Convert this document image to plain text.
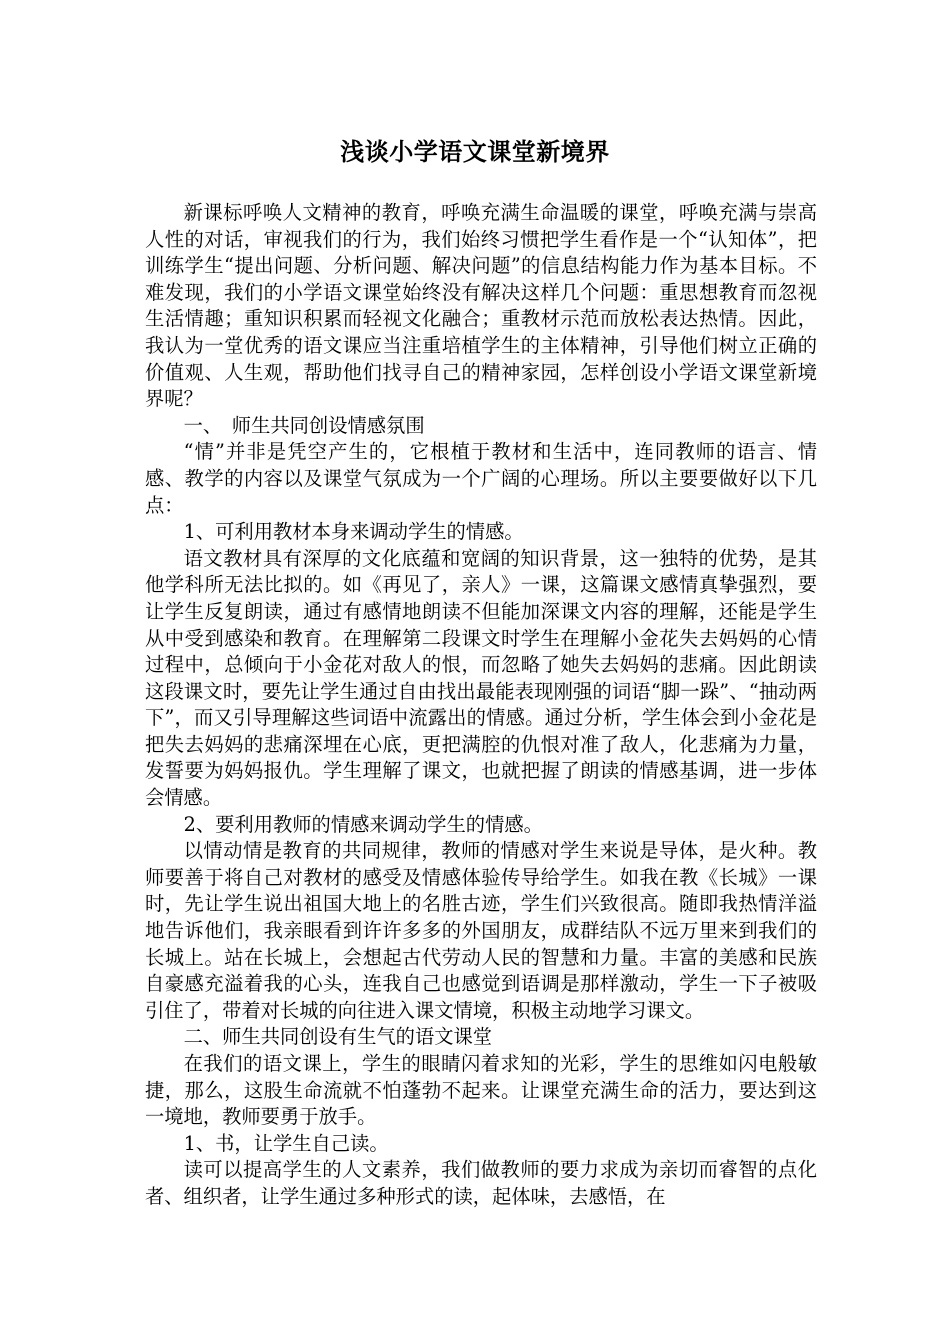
浅谈小学语文课堂新境界

新课标呼唤人文精神的教育，呼唤充满生命温暖的课堂，呼唤充满与崇高人性的对话，审视我们的行为，我们始终习惯把学生看作是一个“认知体”，把训练学生“提出问题、分析问题、解决问题”的信息结构能力作为基本目标。不难发现，我们的小学语文课堂始终没有解决这样几个问题：重思想教育而忽视生活情趣；重知识积累而轻视文化融合；重教材示范而放松表达热情。因此，我认为一堂优秀的语文课应当注重培植学生的主体精神，引导他们树立正确的价值观、人生观，帮助他们找寻自己的精神家园，怎样创设小学语文课堂新境界呢？

一、　师生共同创设情感氛围

“情”并非是凭空产生的，它根植于教材和生活中，连同教师的语言、情感、教学的内容以及课堂气氛成为一个广阔的心理场。所以主要要做好以下几点：

1、可利用教材本身来调动学生的情感。

语文教材具有深厚的文化底蕴和宽阔的知识背景，这一独特的优势，是其他学科所无法比拟的。如《再见了，亲人》一课，这篇课文感情真挚强烈，要让学生反复朗读，通过有感情地朗读不但能加深课文内容的理解，还能是学生从中受到感染和教育。在理解第二段课文时学生在理解小金花失去妈妈的心情过程中，总倾向于小金花对敌人的恨，而忽略了她失去妈妈的悲痛。因此朗读这段课文时，要先让学生通过自由找出最能表现刚强的词语“脚一跺”、“抽动两下”，而又引导理解这些词语中流露出的情感。通过分析，学生体会到小金花是把失去妈妈的悲痛深埋在心底，更把满腔的仇恨对准了敌人，化悲痛为力量，发誓要为妈妈报仇。学生理解了课文，也就把握了朗读的情感基调，进一步体会情感。

2、要利用教师的情感来调动学生的情感。

以情动情是教育的共同规律，教师的情感对学生来说是导体，是火种。教师要善于将自己对教材的感受及情感体验传导给学生。如我在教《长城》一课时，先让学生说出祖国大地上的名胜古迹，学生们兴致很高。随即我热情洋溢地告诉他们，我亲眼看到许许多多的外国朋友，成群结队不远万里来到我们的长城上。站在长城上，会想起古代劳动人民的智慧和力量。丰富的美感和民族自豪感充溢着我的心头，连我自己也感觉到语调是那样激动，学生一下子被吸引住了，带着对长城的向往进入课文情境，积极主动地学习课文。

二、师生共同创设有生气的语文课堂

在我们的语文课上，学生的眼睛闪着求知的光彩，学生的思维如闪电般敏捷，那么，这股生命流就不怕蓬勃不起来。让课堂充满生命的活力，要达到这一境地，教师要勇于放手。

1、书，让学生自己读。

读可以提高学生的人文素养，我们做教师的要力求成为亲切而睿智的点化者、组织者，让学生通过多种形式的读，起体味，去感悟，在
